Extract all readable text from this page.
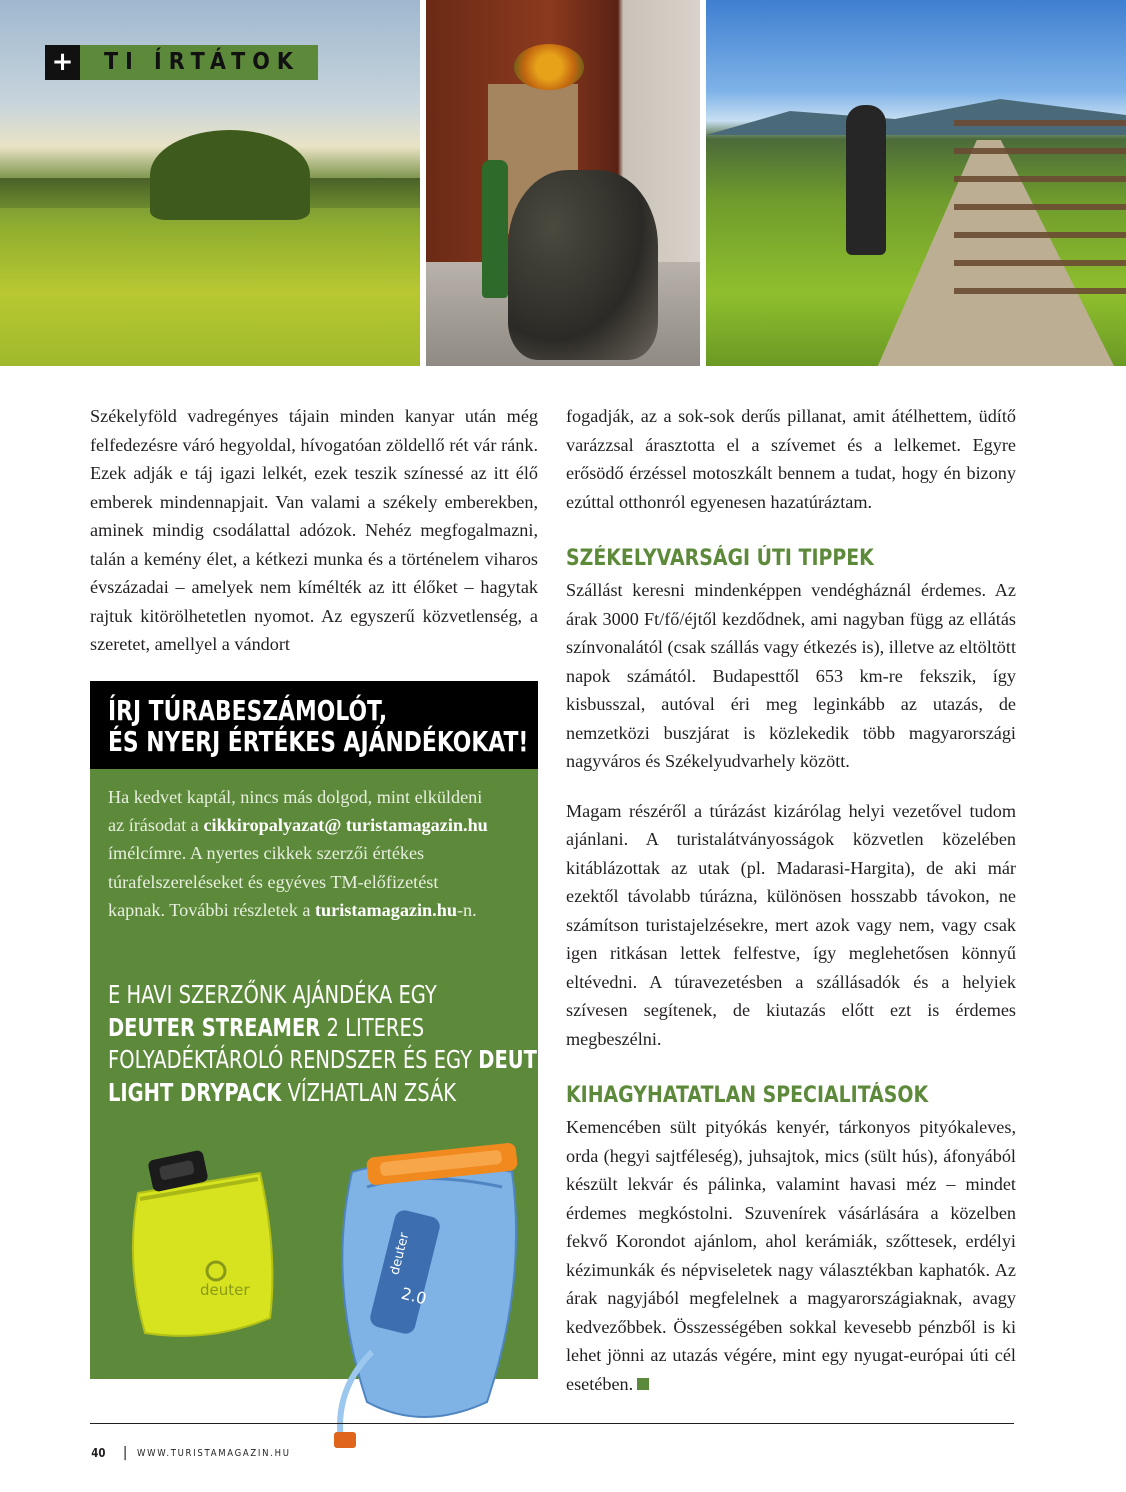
+	TI ÍRTÁTOK

Székelyföld vadregényes tájain minden kanyar után még felfedezésre váró hegyoldal, hívogatóan zöldellő rét vár ránk. Ezek adják e táj igazi lelkét, ezek teszik színessé az itt élő emberek mindennapjait. Van valami a székely emberekben, aminek mindig csodálattal adózok. Nehéz megfogalmazni, talán a kemény élet, a kétkezi munka és a történelem viharos évszázadai – amelyek nem kímélték az itt élőket – hagytak rajtuk kitörölhetetlen nyomot. Az egyszerű közvetlenség, a szeretet, amellyel a vándort

fogadják, az a sok-sok derűs pillanat, amit átélhettem, üdítő varázzsal árasztotta el a szívemet és a lelkemet. Egyre erősödő érzéssel motoszkált bennem a tudat, hogy én bizony ezúttal otthonról egyenesen hazatúráztam.

SZÉKELYVARSÁGI ÚTI TIPPEK

Szállást keresni mindenképpen vendégháznál érdemes. Az árak 3000 Ft/fő/éjtől kezdődnek, ami nagyban függ az ellátás színvonalától (csak szállás vagy étkezés is), illetve az eltöltött napok számától. Budapesttől 653 km-re fekszik, így kisbusszal, autóval éri meg leginkább az utazás, de nemzetközi buszjárat is közlekedik több magyarországi nagyváros és Székelyudvarhely között.

Magam részéről a túrázást kizárólag helyi vezetővel tudom ajánlani. A turistalátványosságok közvetlen közelében kitáblázottak az utak (pl. Madarasi-Hargita), de aki már ezektől távolabb túrázna, különösen hosszabb távokon, ne számítson turistajelzésekre, mert azok vagy nem, vagy csak igen ritkásan lettek felfestve, így meglehetősen könnyű eltévedni. A túravezetésben a szállásadók és a helyiek szívesen segítenek, de kiutazás előtt ezt is érdemes megbeszélni.

KIHAGYHATATLAN SPECIALITÁSOK

Kemencében sült pityókás kenyér, tárkonyos pityókaleves, orda (hegyi sajtféleség), juhsajtok, mics (sült hús), áfonyából készült lekvár és pálinka, valamint havasi méz – mindet érdemes megkóstolni. Szuvenírek vásárlására a közelben fekvő Korondot ajánlom, ahol kerámiák, szőttesek, erdélyi kézimunkák és népviseletek nagy választékban kaphatók. Az árak nagyjából megfelelnek a magyarországiaknak, avagy kedvezőbbek. Összességében sokkal kevesebb pénzből is ki lehet jönni az utazás végére, mint egy nyugat-európai úti cél esetében.

ÍRJ TÚRABESZÁMOLÓT,
ÉS NYERJ ÉRTÉKES AJÁNDÉKOKAT!

Ha kedvet kaptál, nincs más dolgod, mint elküldeni az írásodat a cikkiropalyazat@ turistamagazin.hu ímélcímre. A nyertes cikkek szerzői értékes túrafelszereléseket és egyéves TM-előfizetést kapnak. További részletek a turistamagazin.hu-n.

E HAVI SZERZŐNK AJÁNDÉKA EGY

DEUTER STREAMER 2 LITERES

FOLYADÉKTÁROLÓ RENDSZER ÉS EGY DEUTER

LIGHT DRYPACK VÍZHATLAN ZSÁK

deuter
deuter
2.0
40 | WWW.TURISTAMAGAZIN.HU
